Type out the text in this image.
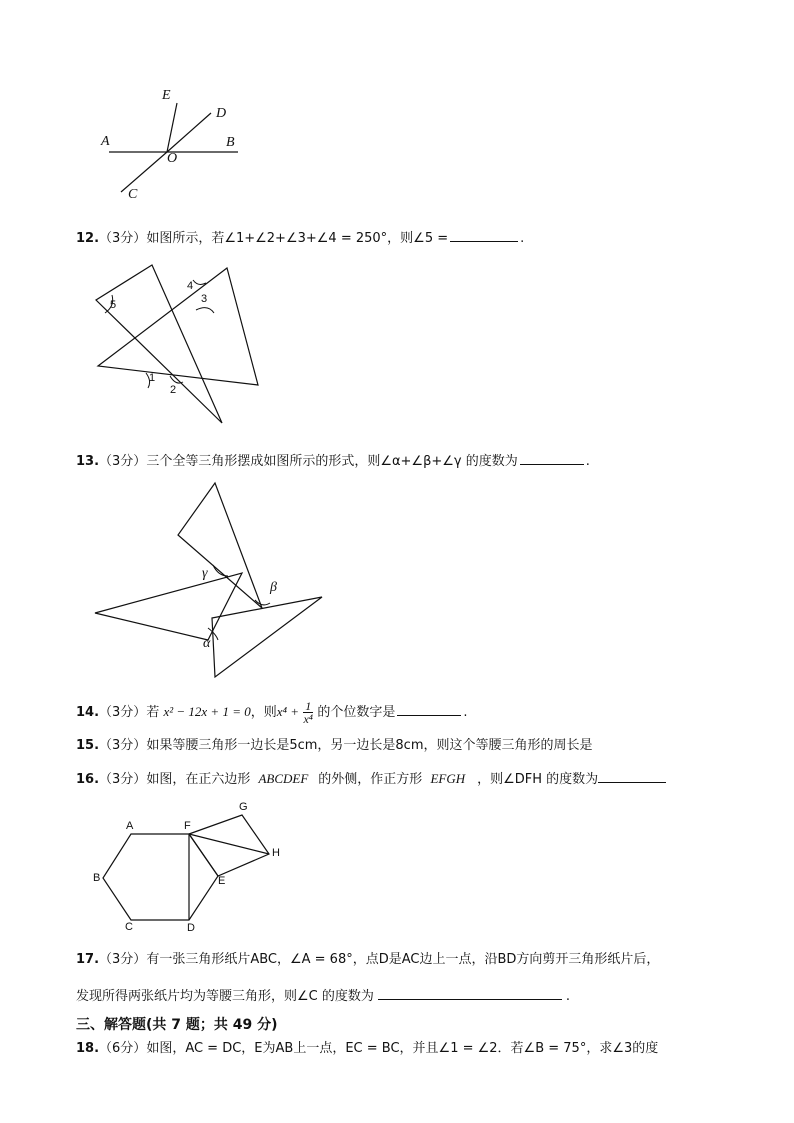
E
D
A
O
B
C
12.（3分）如图所示，若∠1+∠2+∠3+∠4 = 250°，则∠5 =	.
1
2
3
4
5
13.（3分）三个全等三角形摆成如图所示的形式，则∠α+∠β+∠γ 的度数为	.
γ
β
α
14.（3分）若 x² − 12x + 1 = 0，则$x^4 + \frac{1}{\text{x⁴}}$ 的个位数字是	.
15.（3分）如果等腰三角形一边长是5cm，另一边长是8cm，则这个等腰三角形的周长是
16.（3分）如图，在正六边形 ABCDEF 的外侧，作正方形 EFGH ，则∠DFH 的度数为
A	F
G
H
B	E
C	D
17.（3分）有一张三角形纸片ABC，∠A = 68°，点D是AC边上一点，沿BD方向剪开三角形纸片后，
发现所得两张纸片均为等腰三角形，则∠C 的度数为	.
三、解答题(共 7 题；共 49 分)
18.（6分）如图，AC = DC，E为AB上一点，EC = BC，并且∠1 = ∠2．若∠B = 75°，求∠3的度
